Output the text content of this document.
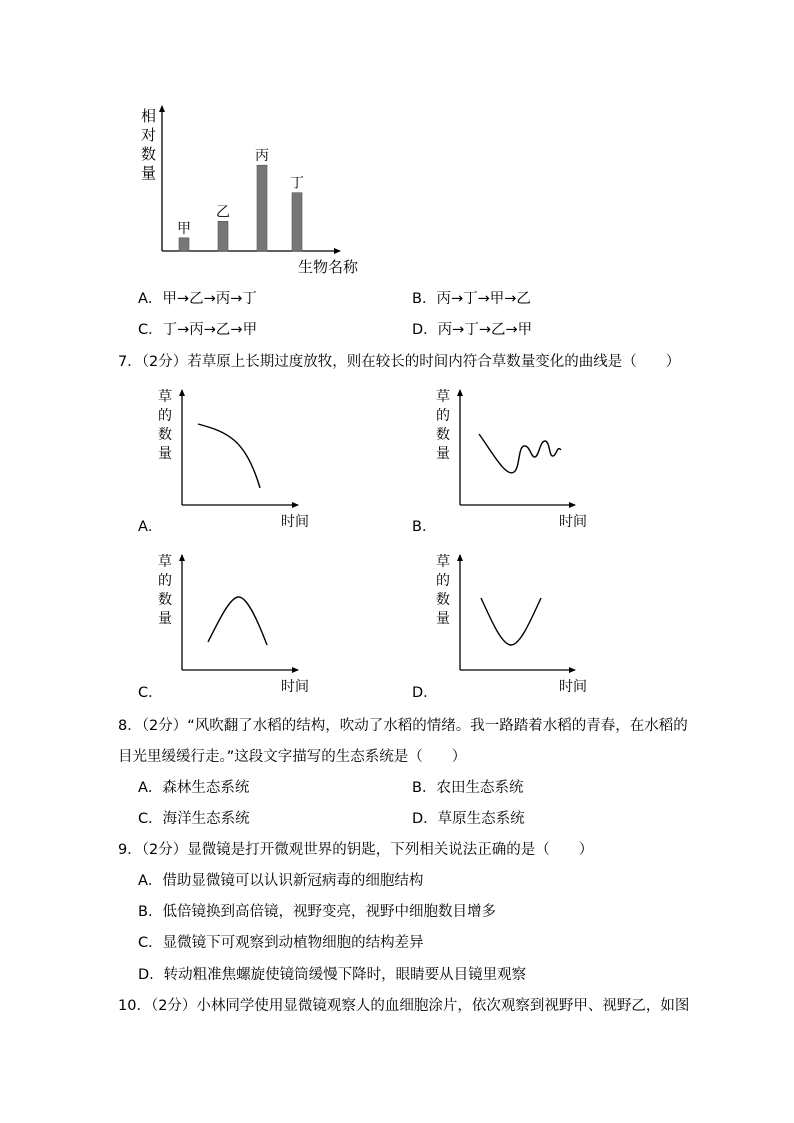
相
对
数
量
生物名称
甲
乙
丙
丁
A．甲→乙→丙→丁	B．丙→丁→甲→乙
C．丁→丙→乙→甲	D．丙→丁→乙→甲
7．（2分）若草原上长期过度放牧，则在较长的时间内符合草数量变化的曲线是（　　）
草
的
数
量
时间
草
的
数
量
时间
草
的
数
量
时间
草
的
数
量
时间
A．	B．
C．	D．
8．（2分）“风吹翻了水稻的结构，吹动了水稻的情绪。我一路踏着水稻的青春，在水稻的
目光里缓缓行走。”这段文字描写的生态系统是（　　）
A．森林生态系统	B．农田生态系统
C．海洋生态系统	D．草原生态系统
9．（2分）显微镜是打开微观世界的钥匙，下列相关说法正确的是（　　）
A．借助显微镜可以认识新冠病毒的细胞结构
B．低倍镜换到高倍镜，视野变亮，视野中细胞数目增多
C．显微镜下可观察到动植物细胞的结构差异
D．转动粗准焦螺旋使镜筒缓慢下降时，眼睛要从目镜里观察
10．（2分）小林同学使用显微镜观察人的血细胞涂片，依次观察到视野甲、视野乙，如图
